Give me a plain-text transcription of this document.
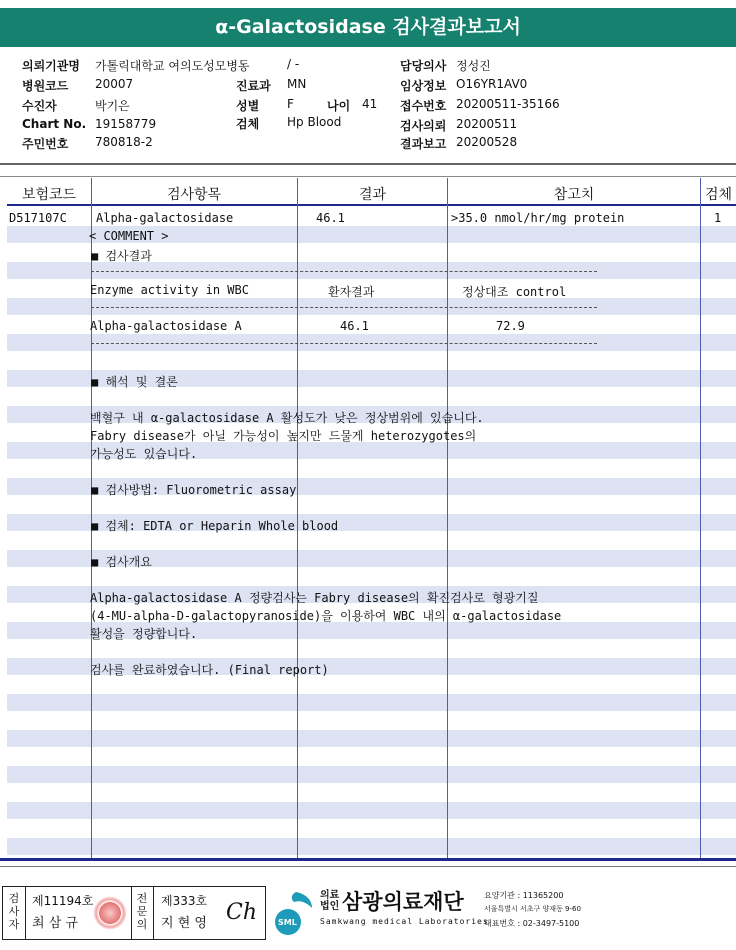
α-Galactosidase 검사결과보고서
의뢰기관명 가톨릭대학교 여의도성모병동	/ -	담당의사 정성진
병원코드 20007	진료과 MN	임상정보 O16YR1AV0
수진자	박기은	성별 F	나이 41 접수번호 20200511-35166
Chart No. 19158779	검체 Hp Blood	검사의뢰 20200511
주민번호 780818-2	결과보고 20200528
보험코드	검사항목	결과	참고치	검체
D517107C Alpha-galactosidase	46.1	>35.0 nmol/hr/mg protein	1
< COMMENT >
■ 검사결과
Enzyme activity in WBC	환자결과	정상대조 control
Alpha-galactosidase A	46.1	72.9
■ 해석 및 결론
백혈구 내 α-galactosidase A 활성도가 낮은 정상범위에 있습니다.
Fabry disease가 아닐 가능성이 높지만 드물게 heterozygotes의
가능성도 있습니다.
■ 검사방법: Fluorometric assay
■ 검체: EDTA or Heparin Whole blood
■ 검사개요
Alpha-galactosidase A 정량검사는 Fabry disease의 확진검사로 형광기질
(4-MU-alpha-D-galactopyranoside)을 이용하여 WBC 내의 α-galactosidase
활성을 정량합니다.
검사를 완료하였습니다. (Final report)
검사자
제11194호
최 삼 규
전문의
제333호
지 현 영 Ch	SML
의료법인 삼광의료재단
Samkwang medical Laboratories
요양기관 : 11365200
서울특별시 서초구 양재동 9-60
대표번호 : 02-3497-5100
